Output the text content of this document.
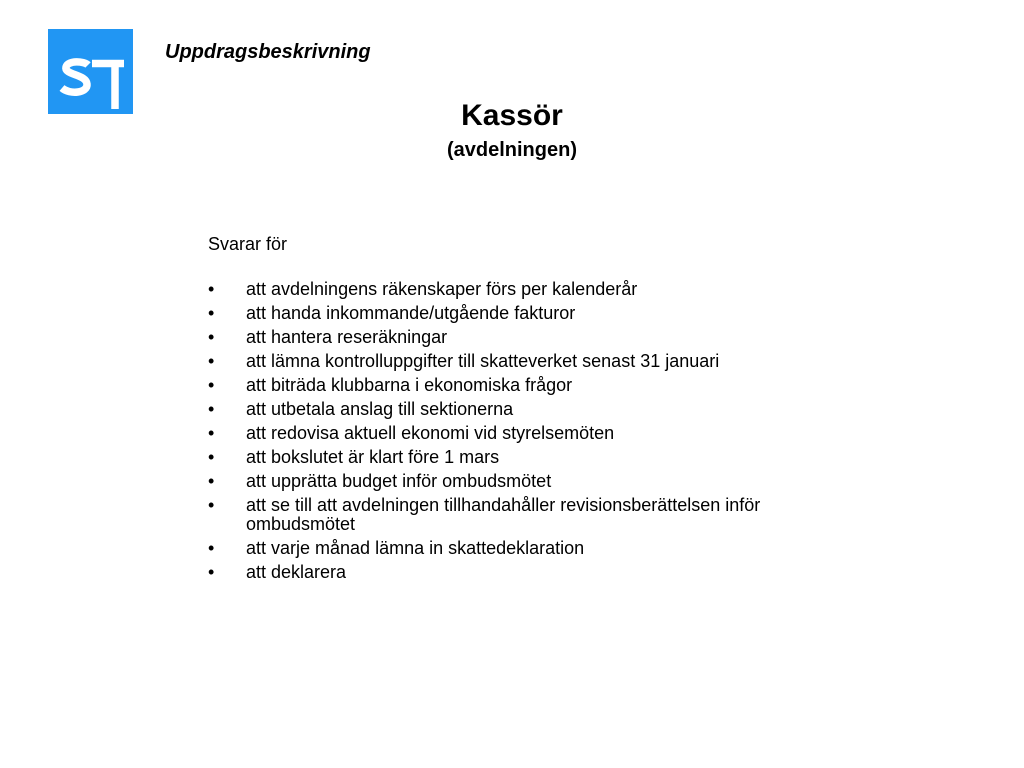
Uppdragsbeskrivning
Kassör
(avdelningen)
Svarar för
• att avdelningens räkenskaper förs per kalenderår
• att handa inkommande/utgående fakturor
• att hantera reseräkningar
• att lämna kontrolluppgifter till skatteverket senast 31 januari
• att biträda klubbarna i ekonomiska frågor
• att utbetala anslag till sektionerna
• att redovisa aktuell ekonomi vid styrelsemöten
• att bokslutet är klart före 1 mars
• att upprätta budget inför ombudsmötet
• att se till att avdelningen tillhandahåller revisionsberättelsen inför ombudsmötet
• att varje månad lämna in skattedeklaration
• att deklarera
